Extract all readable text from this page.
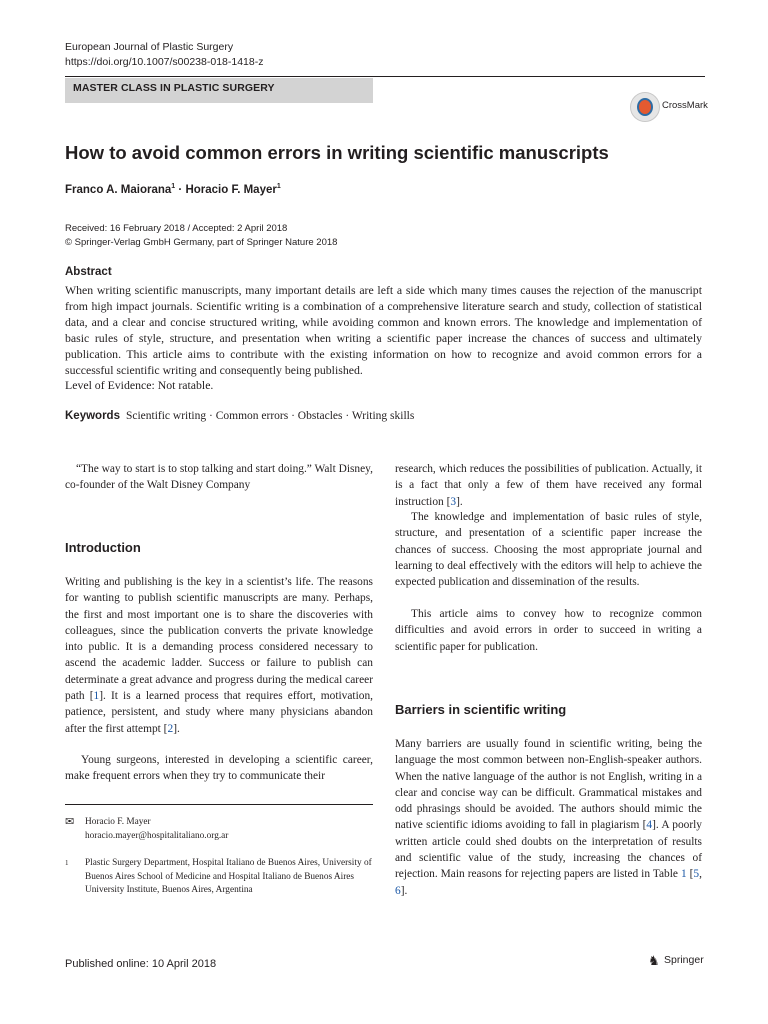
European Journal of Plastic Surgery
https://doi.org/10.1007/s00238-018-1418-z
MASTER CLASS IN PLASTIC SURGERY
CrossMark
How to avoid common errors in writing scientific manuscripts
Franco A. Maiorana$^1$ · Horacio F. Mayer$^1$
Received: 16 February 2018 / Accepted: 2 April 2018
© Springer-Verlag GmbH Germany, part of Springer Nature 2018
Abstract
When writing scientific manuscripts, many important details are left a side which many times causes the rejection of the manuscript from high impact journals. Scientific writing is a combination of a comprehensive literature search and study, collection of statistical data, and a clear and concise structured writing, while avoiding common and known errors. The knowledge and implementation of basic rules of style, structure, and presentation when writing a scientific paper increase the chances of success and ultimately publication. This article aims to contribute with the existing information on how to recognize and avoid common errors for a successful scientific writing and consequently being published.
Level of Evidence: Not ratable.
Keywords Scientific writing · Common errors · Obstacles · Writing skills
“The way to start is to stop talking and start doing.” Walt Disney, co-founder of the Walt Disney Company
Introduction
Writing and publishing is the key in a scientist’s life. The reasons for wanting to publish scientific manuscripts are many. Perhaps, the first and most important one is to share the discoveries with colleagues, since the publication converts the private knowledge into public. It is a demanding process considered necessary to ascend the academic ladder. Success or failure to publish can determinate a great advance and progress during the medical career path [1]. It is a learned process that requires effort, motivation, patience, persistent, and study where many physicians abandon after the first attempt [2].
Young surgeons, interested in developing a scientific career, make frequent errors when they try to communicate their
✉ Horacio F. Mayer
horacio.mayer@hospitalitaliano.org.ar
1 Plastic Surgery Department, Hospital Italiano de Buenos Aires, University of Buenos Aires School of Medicine and Hospital Italiano de Buenos Aires University Institute, Buenos Aires, Argentina
research, which reduces the possibilities of publication. Actually, it is a fact that only a few of them have received any formal instruction [3].
The knowledge and implementation of basic rules of style, structure, and presentation of a scientific paper increase the chances of success. Choosing the most appropriate journal and learning to deal effectively with the editors will help to achieve the expected publication and dissemination of the results.
This article aims to convey how to recognize common difficulties and avoid errors in order to succeed in writing a scientific paper for publication.
Barriers in scientific writing
Many barriers are usually found in scientific writing, being the language the most common between non-English-speaker authors. When the native language of the author is not English, writing in a clear and concise way can be difficult. Grammatical mistakes and odd phrasings should be avoided. The authors should mimic the native scientific idioms avoiding to fall in plagiarism [4]. A poorly written article could shed doubts on the interpretation of results and scientific value of the study, increasing the chances of rejection. Main reasons for rejecting papers are listed in Table 1 [5, 6].
Published online: 10 April 2018	♞ Springer
